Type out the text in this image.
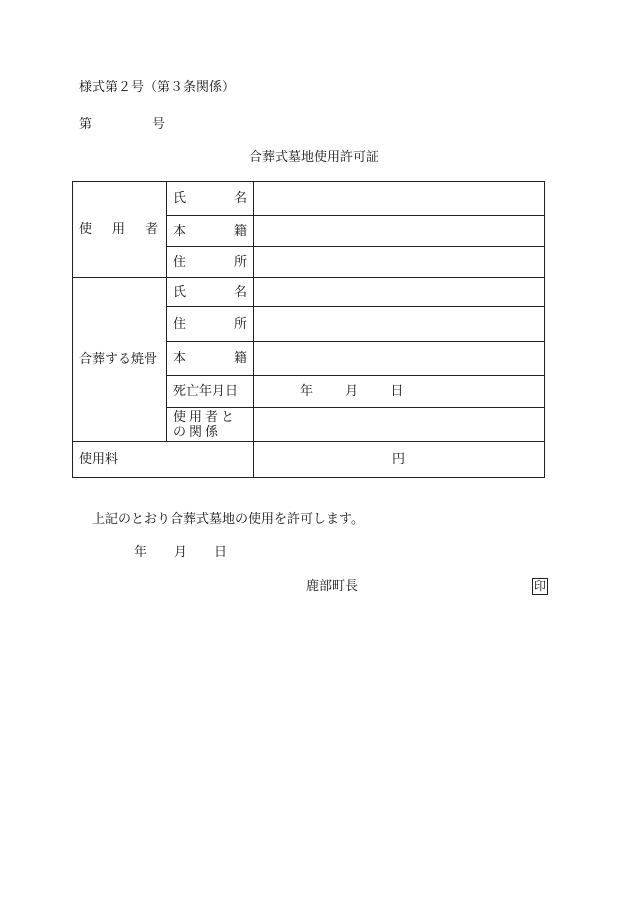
様式第２号（第３条関係）
第	号
合葬式墓地使用許可証
使 用 者	氏 名	

	本 籍	

	住 所	

合葬する焼骨	氏 名	

	住 所	

	本 籍	

	死亡年月日	年 月 日

	使用者との関係	

使用料		円
上記のとおり合葬式墓地の使用を許可します。
年 月 日
鹿部町長	印
